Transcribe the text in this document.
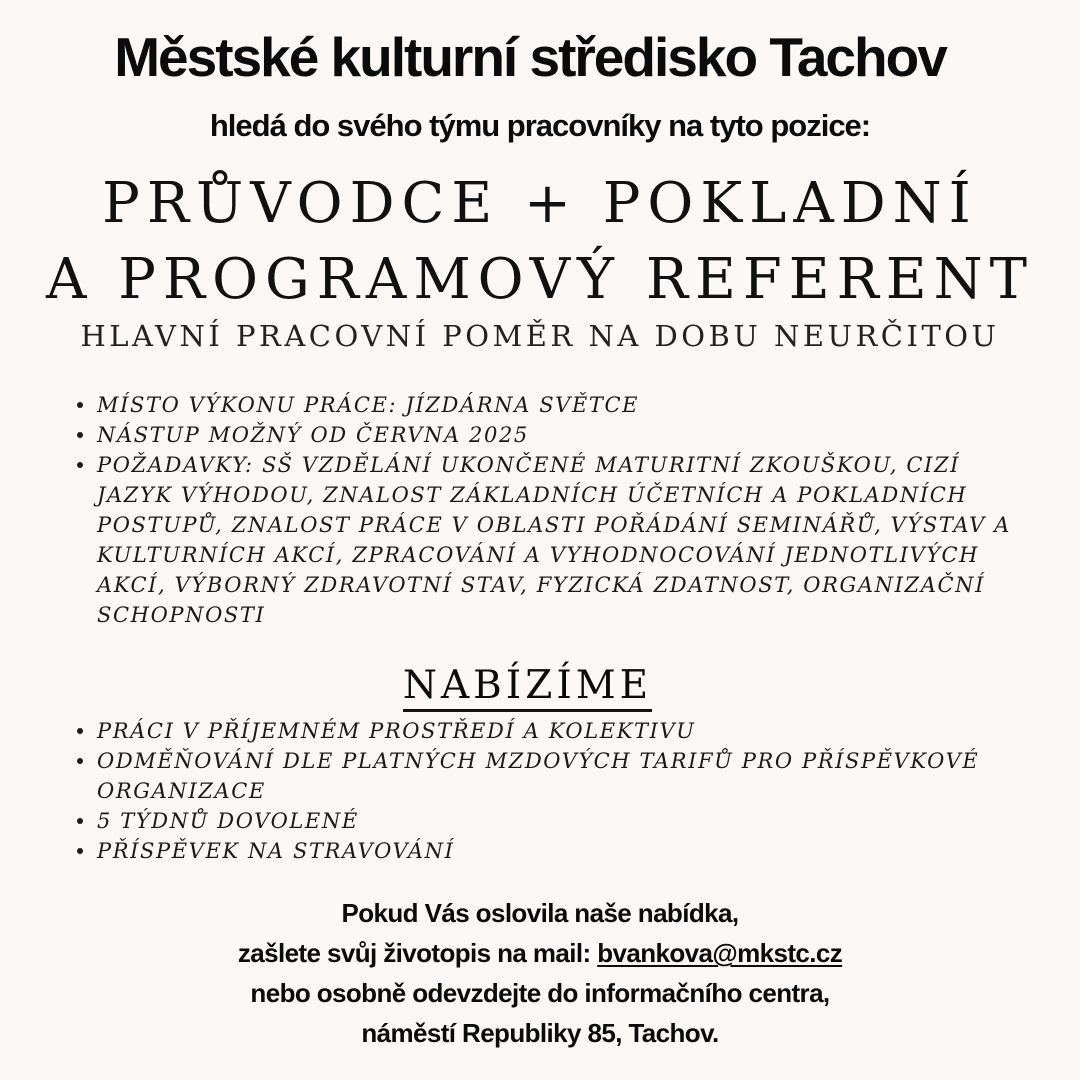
Městské kulturní středisko Tachov
hledá do svého týmu pracovníky na tyto pozice:
PRŮVODCE + POKLADNÍ
A PROGRAMOVÝ REFERENT
HLAVNÍ PRACOVNÍ POMĚR NA DOBU NEURČITOU
MÍSTO VÝKONU PRÁCE: JÍZDÁRNA SVĚTCE
NÁSTUP MOŽNÝ OD ČERVNA 2025
POŽADAVKY: SŠ VZDĚLÁNÍ UKONČENÉ MATURITNÍ ZKOUŠKOU, CIZÍ JAZYK VÝHODOU, ZNALOST ZÁKLADNÍCH ÚČETNÍCH A POKLADNÍCH POSTUPŮ, ZNALOST PRÁCE V OBLASTI POŘÁDÁNÍ SEMINÁŘŮ, VÝSTAV A KULTURNÍCH AKCÍ, ZPRACOVÁNÍ A VYHODNOCOVÁNÍ JEDNOTLIVÝCH AKCÍ, VÝBORNÝ ZDRAVOTNÍ STAV, FYZICKÁ ZDATNOST, ORGANIZAČNÍ SCHOPNOSTI
NABÍZÍME
PRÁCI V PŘÍJEMNÉM PROSTŘEDÍ A KOLEKTIVU
ODMĚŇOVÁNÍ DLE PLATNÝCH MZDOVÝCH TARIFŮ PRO PŘÍSPĚVKOVÉ ORGANIZACE
5 TÝDNŮ DOVOLENÉ
PŘÍSPĚVEK NA STRAVOVÁNÍ
Pokud Vás oslovila naše nabídka,
zašlete svůj životopis na mail: bvankova@mkstc.cz
nebo osobně odevzdejte do informačního centra,
náměstí Republiky 85, Tachov.
